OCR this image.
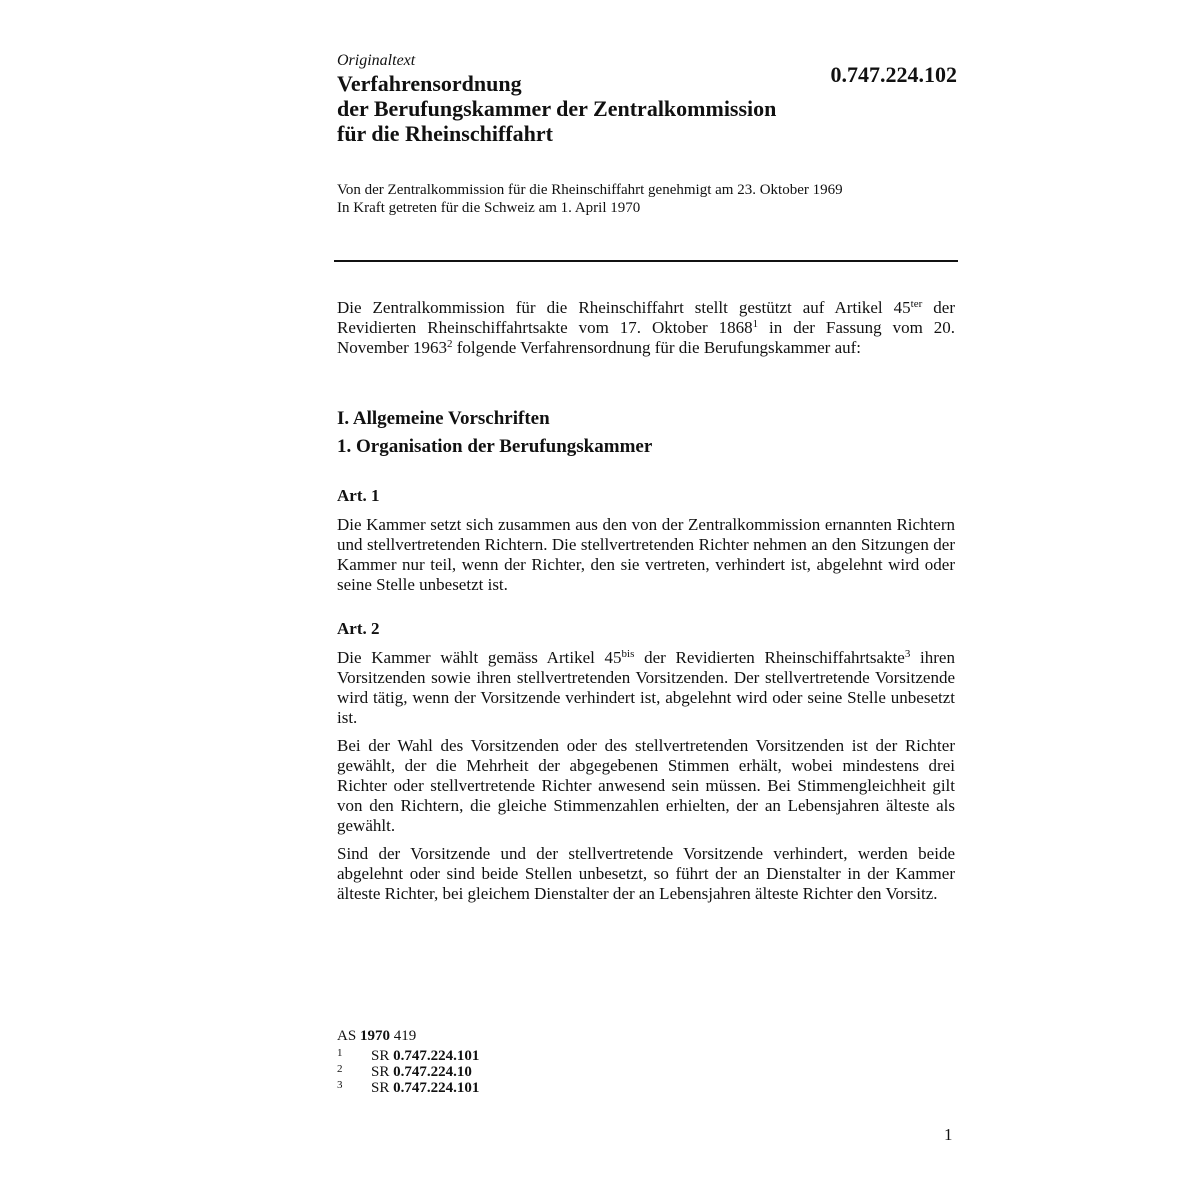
Originaltext
0.747.224.102
Verfahrensordnung
der Berufungskammer der Zentralkommission
für die Rheinschiffahrt
Von der Zentralkommission für die Rheinschiffahrt genehmigt am 23. Oktober 1969
In Kraft getreten für die Schweiz am 1. April 1970

Die Zentralkommission für die Rheinschiffahrt stellt gestützt auf Artikel $45^{ter}$ der Revidierten Rheinschiffahrtsakte vom 17. Oktober 1868$^1$ in der Fassung vom 20. November 1963$^2$ folgende Verfahrensordnung für die Berufungskammer auf:

I. Allgemeine Vorschriften
1. Organisation der Berufungskammer
Art. 1

Die Kammer setzt sich zusammen aus den von der Zentralkommission ernannten Richtern und stellvertretenden Richtern. Die stellvertretenden Richter nehmen an den Sitzungen der Kammer nur teil, wenn der Richter, den sie vertreten, verhindert ist, abgelehnt wird oder seine Stelle unbesetzt ist.

Art. 2

Die Kammer wählt gemäss Artikel $45^{bis}$ der Revidierten Rheinschiffahrtsakte$^3$ ihren Vorsitzenden sowie ihren stellvertretenden Vorsitzenden. Der stellvertretende Vorsitzende wird tätig, wenn der Vorsitzende verhindert ist, abgelehnt wird oder seine Stelle unbesetzt ist.

Bei der Wahl des Vorsitzenden oder des stellvertretenden Vorsitzenden ist der Richter gewählt, der die Mehrheit der abgegebenen Stimmen erhält, wobei mindestens drei Richter oder stellvertretende Richter anwesend sein müssen. Bei Stimmengleichheit gilt von den Richtern, die gleiche Stimmenzahlen erhielten, der an Lebensjahren älteste als gewählt.

Sind der Vorsitzende und der stellvertretende Vorsitzende verhindert, werden beide abgelehnt oder sind beide Stellen unbesetzt, so führt der an Dienstalter in der Kammer älteste Richter, bei gleichem Dienstalter der an Lebensjahren älteste Richter den Vorsitz.

AS 1970 419
1	SR 0.747.224.101
2	SR 0.747.224.10
3	SR 0.747.224.101
1
